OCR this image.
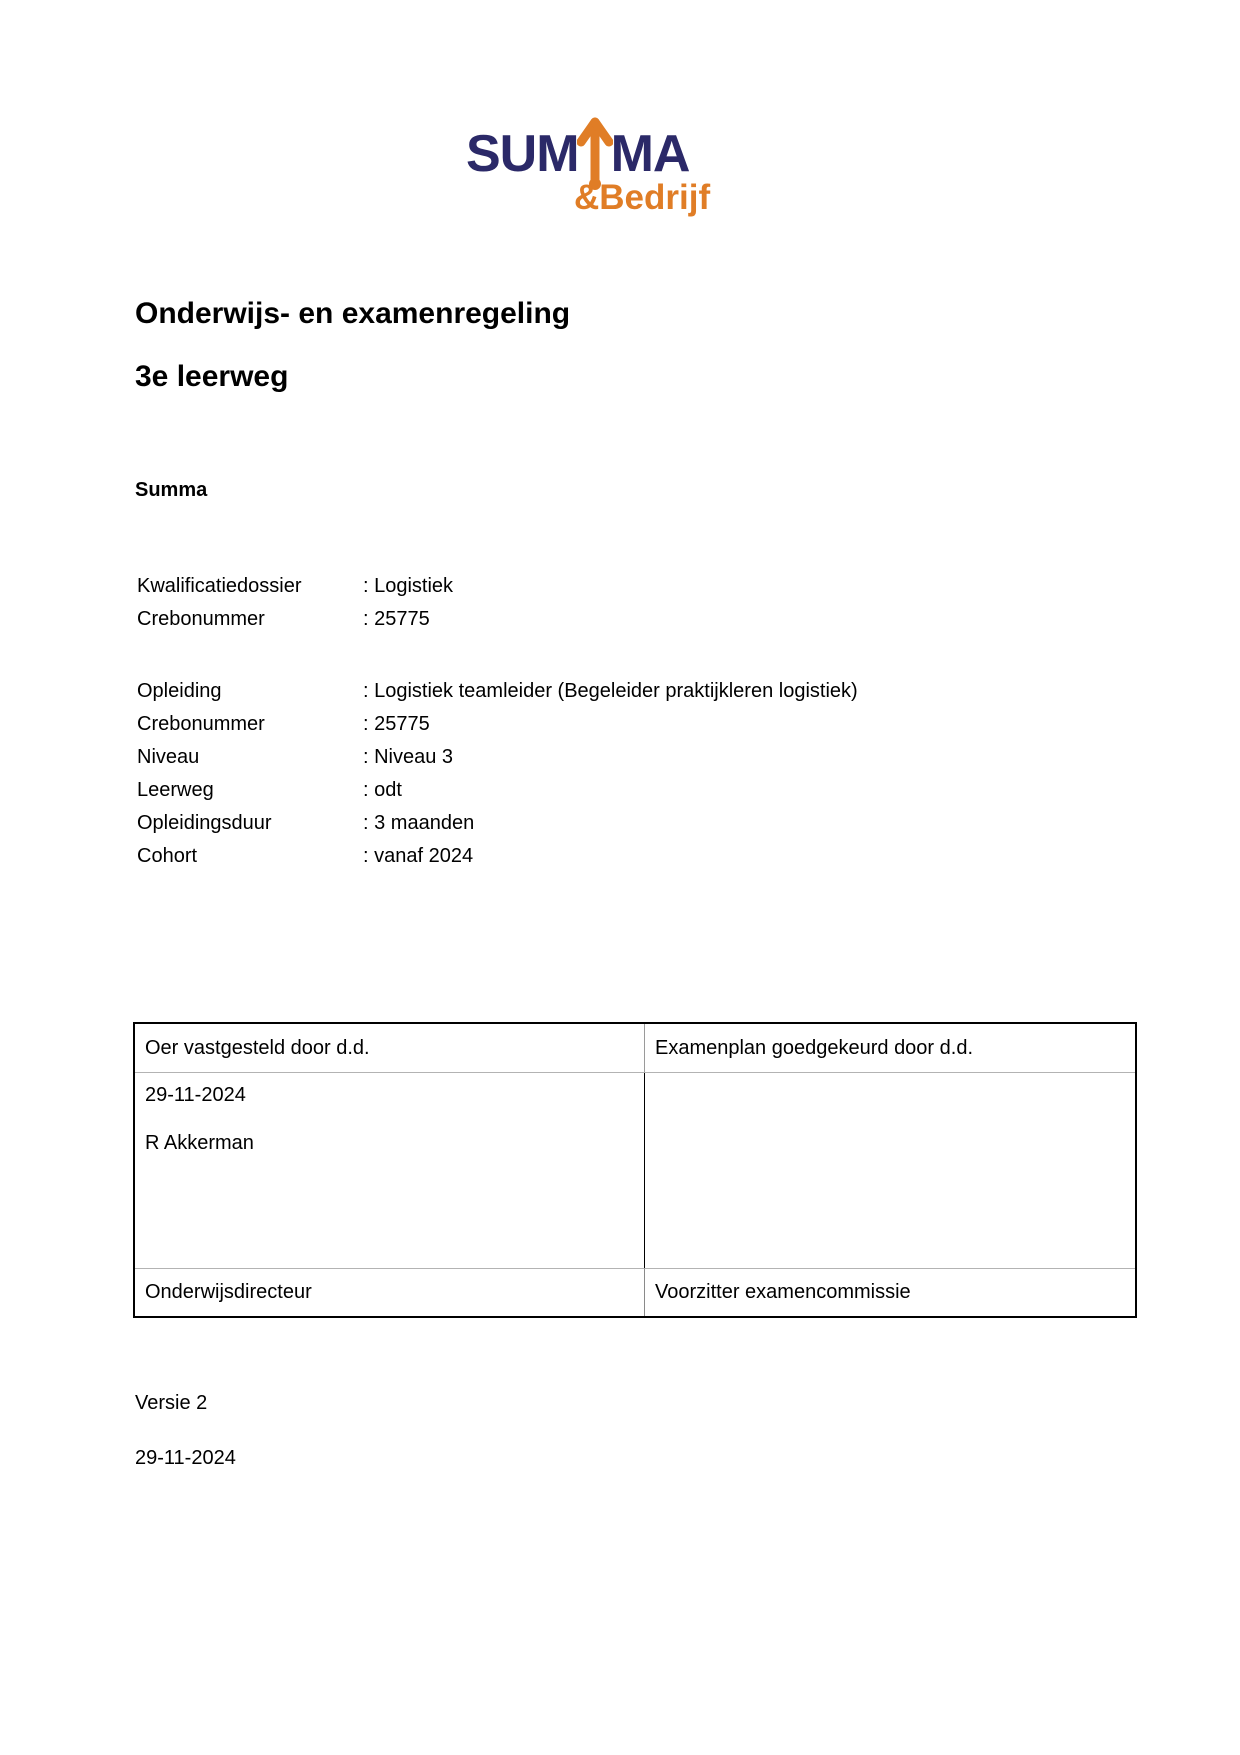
SUM MA
&Bedrijf
Onderwijs- en examenregeling
3e leerweg
Summa
Kwalificatiedossier	: Logistiek
Crebonummer	: 25775
Opleiding	: Logistiek teamleider (Begeleider praktijkleren logistiek)
Crebonummer	: 25775
Niveau	: Niveau 3
Leerweg	: odt
Opleidingsduur	: 3 maanden
Cohort	: vanaf 2024
Oer vastgesteld door d.d.	Examenplan goedgekeurd door d.d.

29-11-2024

R Akkerman

Onderwijsdirecteur	Voorzitter examencommissie
Versie 2
29-11-2024
